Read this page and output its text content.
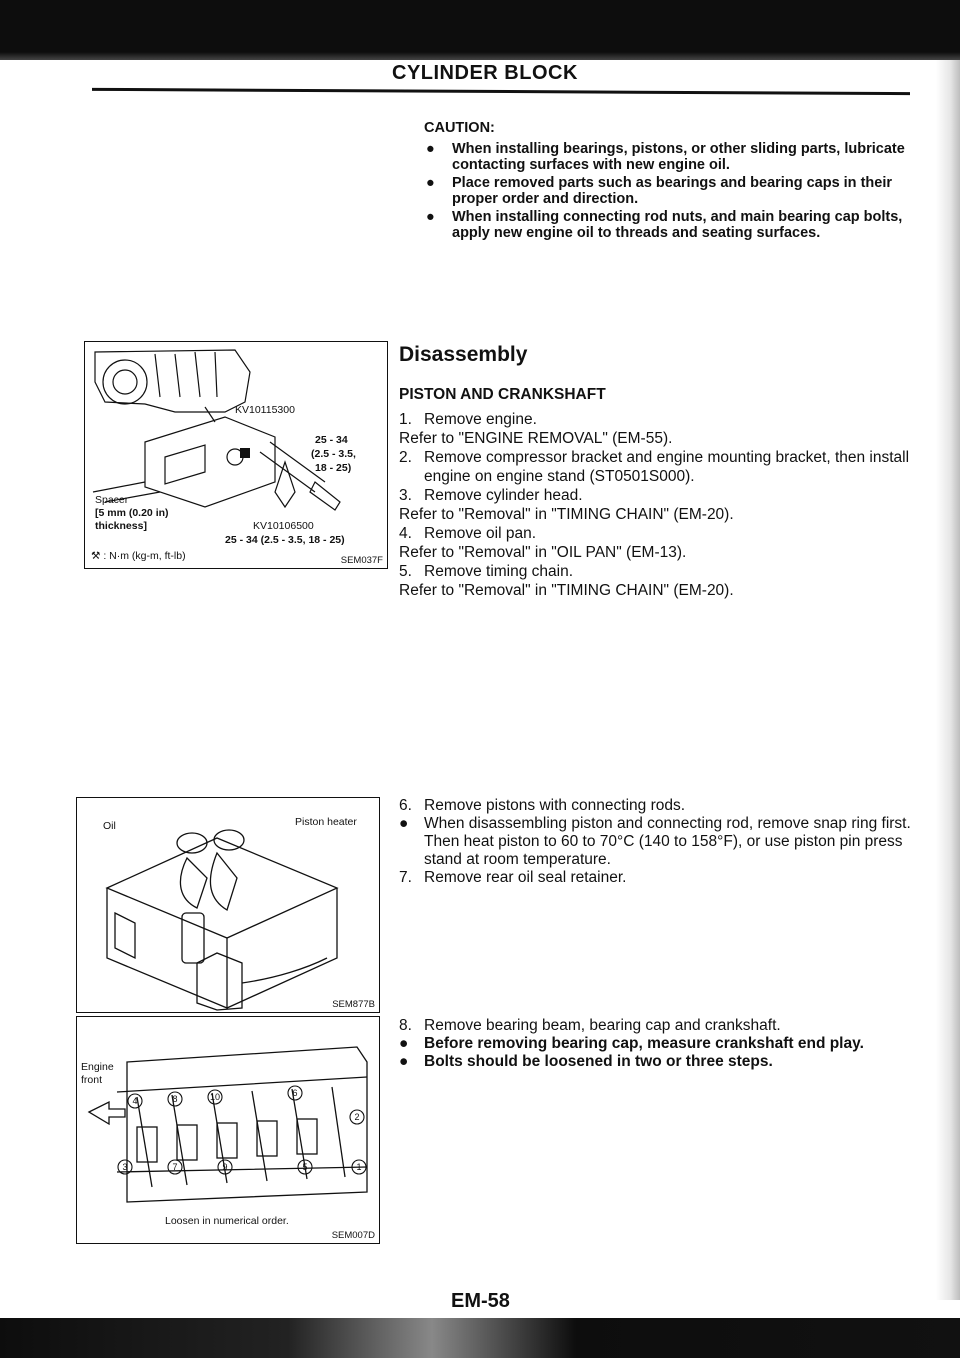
CYLINDER BLOCK
CAUTION:
●	When installing bearings, pistons, or other sliding parts, lubricate contacting surfaces with new engine oil.
●	Place removed parts such as bearings and bearing caps in their proper order and direction.
●	When installing connecting rod nuts, and main bearing cap bolts, apply new engine oil to threads and seating surfaces.
Disassembly
PISTON AND CRANKSHAFT
1. Remove engine.
Refer to "ENGINE REMOVAL" (EM-55).
2. Remove compressor bracket and engine mounting bracket, then install engine on engine stand (ST0501S000).
3. Remove cylinder head.
Refer to "Removal" in "TIMING CHAIN" (EM-20).
4. Remove oil pan.
Refer to "Removal" in "OIL PAN" (EM-13).
5. Remove timing chain.
Refer to "Removal" in "TIMING CHAIN" (EM-20).
6. Remove pistons with connecting rods.
●	When disassembling piston and connecting rod, remove snap ring first. Then heat piston to 60 to 70°C (140 to 158°F), or use piston pin press stand at room temperature.
7. Remove rear oil seal retainer.
8. Remove bearing beam, bearing cap and crankshaft.
●	Before removing bearing cap, measure crankshaft end play.
●	Bolts should be loosened in two or three steps.
KV10115300
25 - 34
(2.5 - 3.5,
18 - 25)
Spacer
[5 mm (0.20 in)
thickness]	KV10106500
25 - 34 (2.5 - 3.5, 18 - 25)
⚒ : N·m (kg-m, ft-lb)	SEM037F
Oil	Piston heater
SEM877B
4	8	10	6
2
3	7	9	5	1
Engine
front
Loosen in numerical order.
SEM007D
EM-58
